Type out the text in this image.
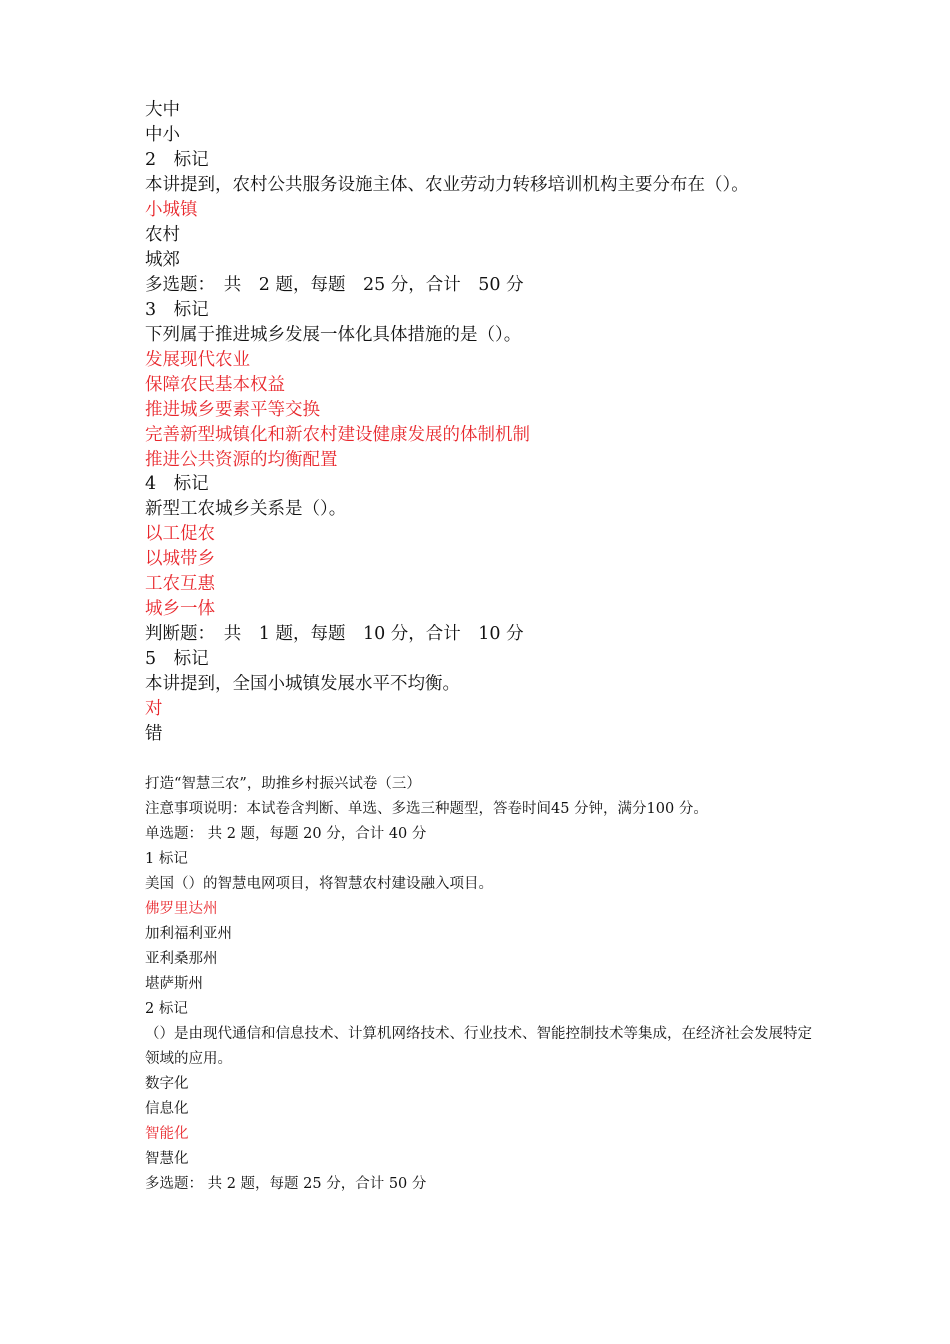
大中
中小
2　标记
本讲提到，农村公共服务设施主体、农业劳动力转移培训机构主要分布在（）。
小城镇
农村
城郊
多选题：　共　2 题，每题　25 分，合计　50 分
3　标记
下列属于推进城乡发展一体化具体措施的是（）。
发展现代农业
保障农民基本权益
推进城乡要素平等交换
完善新型城镇化和新农村建设健康发展的体制机制
推进公共资源的均衡配置
4　标记
新型工农城乡关系是（）。
以工促农
以城带乡
工农互惠
城乡一体
判断题：　共　1 题，每题　10 分，合计　10 分
5　标记
本讲提到，全国小城镇发展水平不均衡。
对
错
打造“智慧三农”，助推乡村振兴试卷（三）
注意事项说明：本试卷含判断、单选、多选三种题型，答卷时间45 分钟，满分100 分。
单选题： 共 2 题，每题 20 分，合计 40 分
1 标记
美国（）的智慧电网项目，将智慧农村建设融入项目。
佛罗里达州
加利福利亚州
亚利桑那州
堪萨斯州
2 标记
（）是由现代通信和信息技术、计算机网络技术、行业技术、智能控制技术等集成，在经济社会发展特定领域的应用。
数字化
信息化
智能化
智慧化
多选题： 共 2 题，每题 25 分，合计 50 分
